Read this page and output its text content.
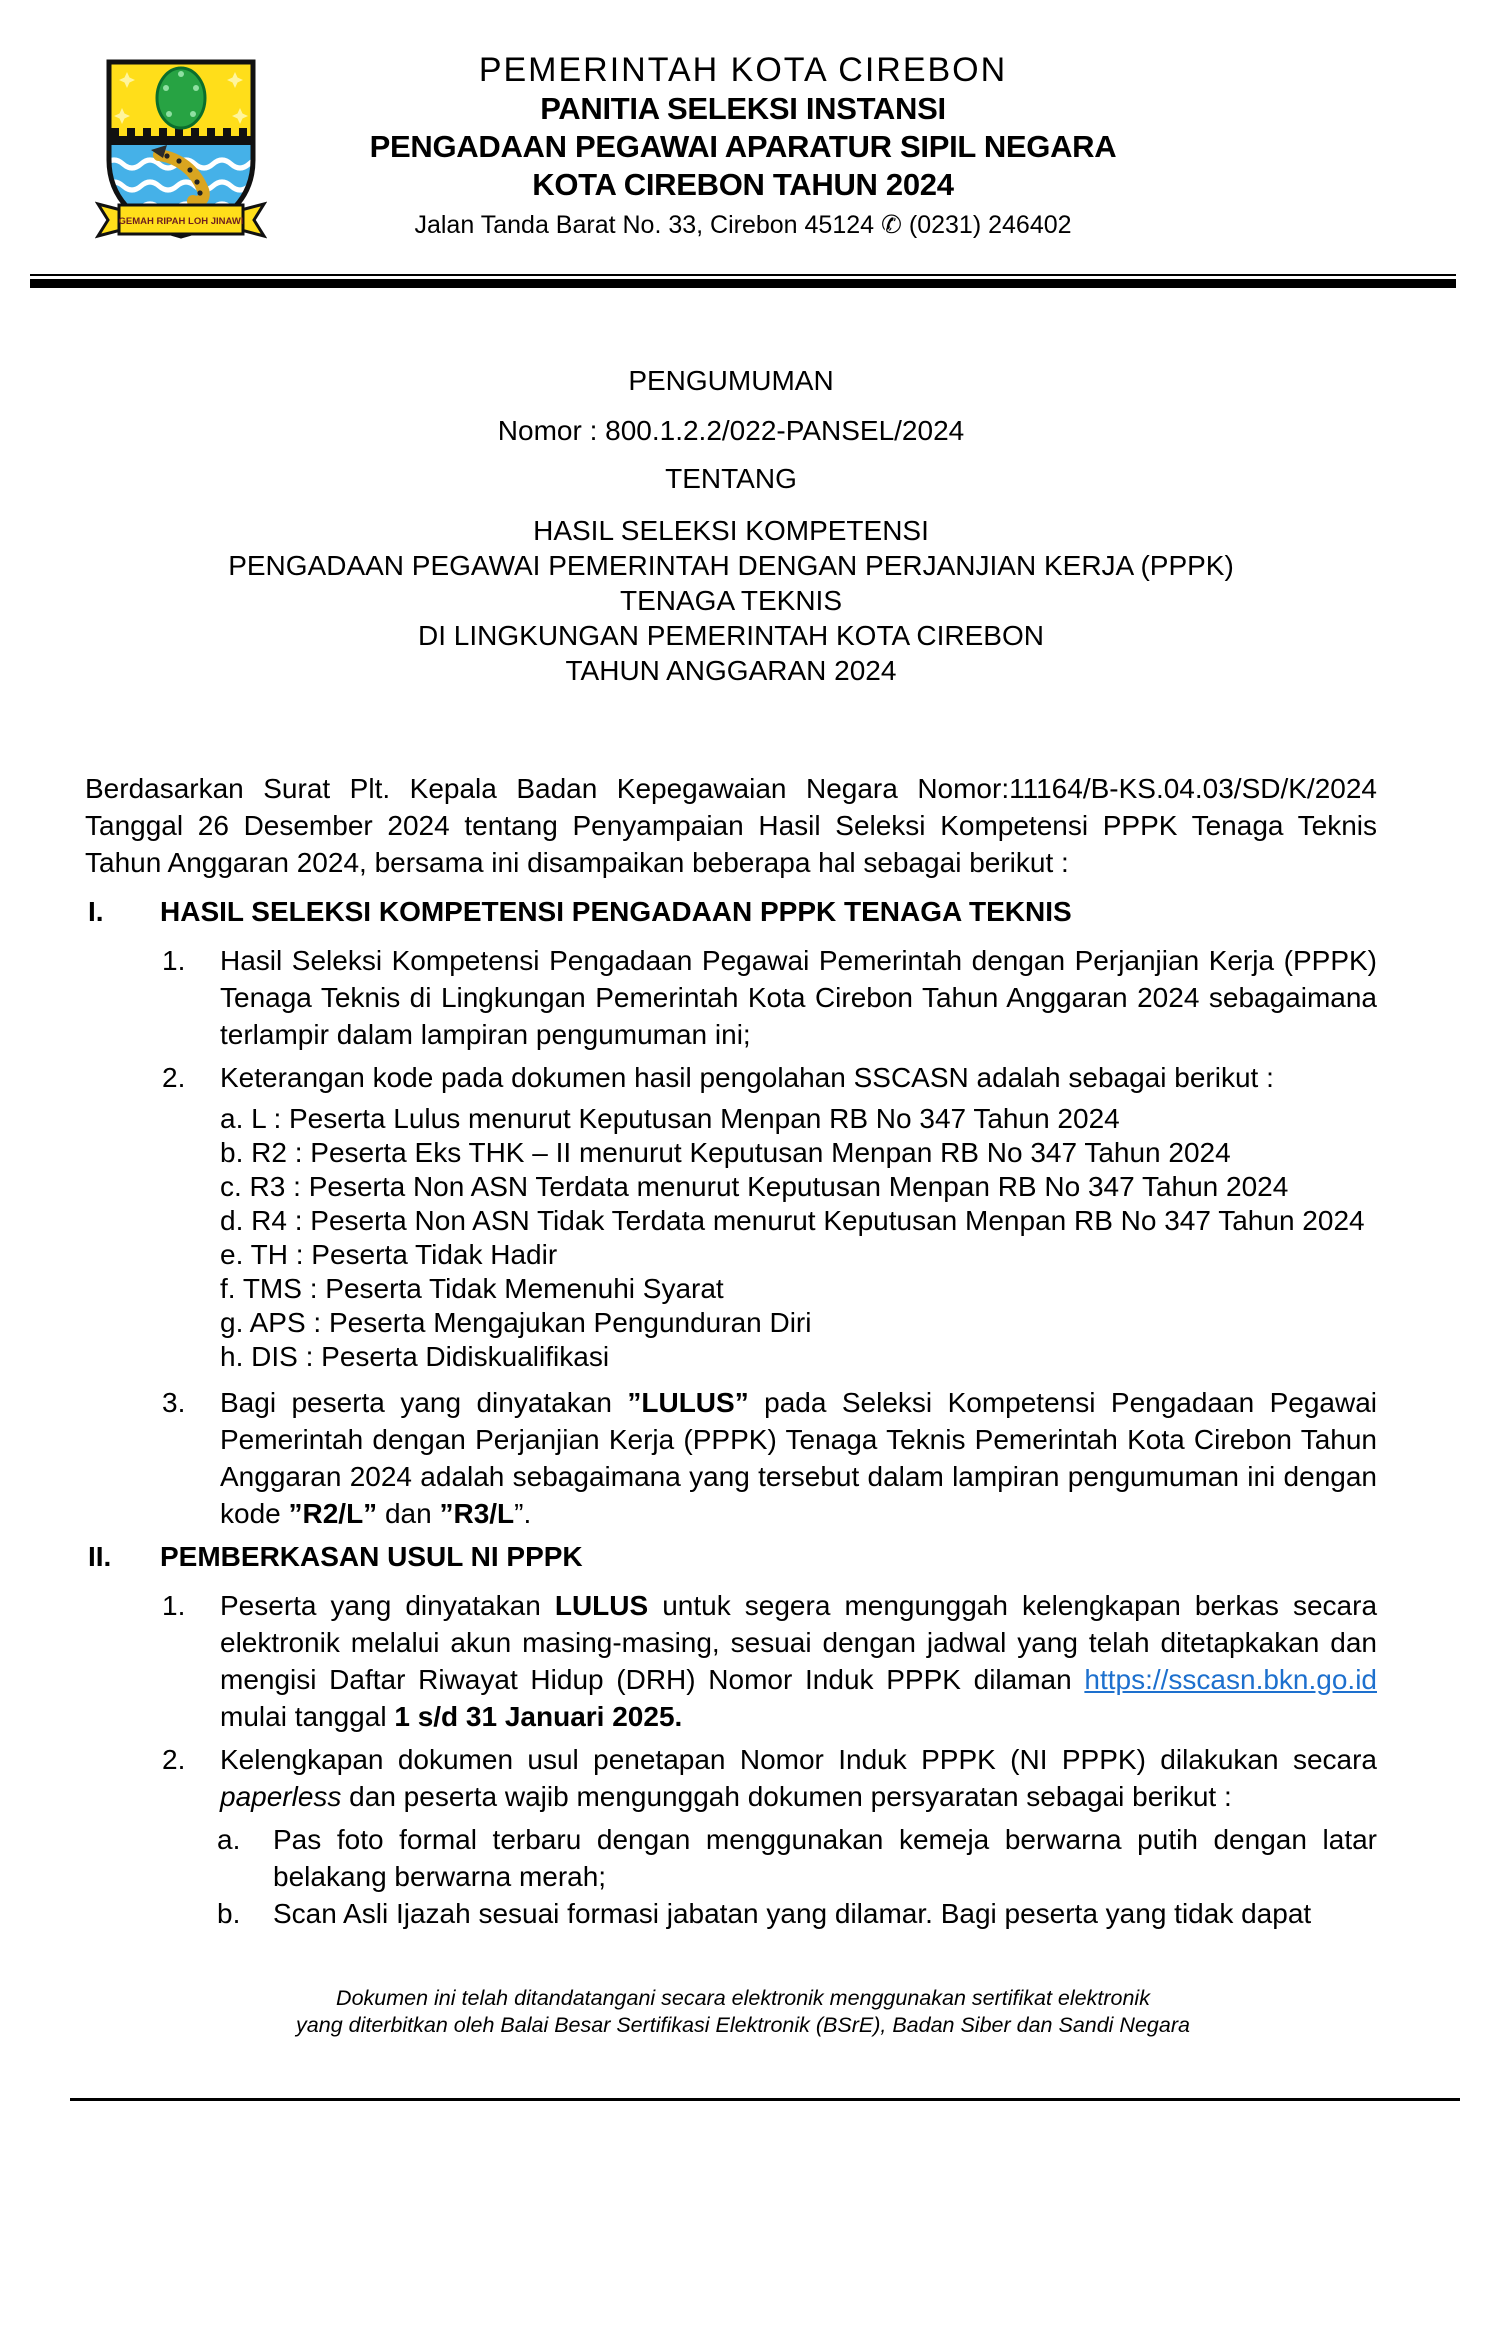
GEMAH RIPAH LOH JINAWI
PEMERINTAH KOTA CIREBON
PANITIA SELEKSI INSTANSI
PENGADAAN PEGAWAI APARATUR SIPIL NEGARA
KOTA CIREBON TAHUN 2024
Jalan Tanda Barat No. 33, Cirebon 45124 ✆ (0231) 246402
PENGUMUMAN
Nomor : 800.1.2.2/022-PANSEL/2024
TENTANG
HASIL SELEKSI KOMPETENSI
PENGADAAN PEGAWAI PEMERINTAH DENGAN PERJANJIAN KERJA (PPPK)
TENAGA TEKNIS
DI LINGKUNGAN PEMERINTAH KOTA CIREBON
TAHUN ANGGARAN 2024

Berdasarkan Surat Plt. Kepala Badan Kepegawaian Negara Nomor:11164/B-KS.04.03/SD/K/2024 Tanggal 26 Desember 2024 tentang Penyampaian Hasil Seleksi Kompetensi PPPK Tenaga Teknis Tahun Anggaran 2024, bersama ini disampaikan beberapa hal sebagai berikut :

I.	HASIL SELEKSI KOMPETENSI PENGADAAN PPPK TENAGA TEKNIS
1.	Hasil Seleksi Kompetensi Pengadaan Pegawai Pemerintah dengan Perjanjian Kerja (PPPK) Tenaga Teknis di Lingkungan Pemerintah Kota Cirebon Tahun Anggaran 2024 sebagaimana terlampir dalam lampiran pengumuman ini;
2.	Keterangan kode pada dokumen hasil pengolahan SSCASN adalah sebagai berikut :
a. L : Peserta Lulus menurut Keputusan Menpan RB No 347 Tahun 2024
b. R2 : Peserta Eks THK – II menurut Keputusan Menpan RB No 347 Tahun 2024
c. R3 : Peserta Non ASN Terdata menurut Keputusan Menpan RB No 347 Tahun 2024
d. R4 : Peserta Non ASN Tidak Terdata menurut Keputusan Menpan RB No 347 Tahun 2024
e. TH : Peserta Tidak Hadir
f. TMS : Peserta Tidak Memenuhi Syarat
g. APS : Peserta Mengajukan Pengunduran Diri
h. DIS : Peserta Didiskualifikasi
3.	Bagi peserta yang dinyatakan ”LULUS” pada Seleksi Kompetensi Pengadaan Pegawai Pemerintah dengan Perjanjian Kerja (PPPK) Tenaga Teknis Pemerintah Kota Cirebon Tahun Anggaran 2024 adalah sebagaimana yang tersebut dalam lampiran pengumuman ini dengan kode ”R2/L” dan ”R3/L”.
II.	PEMBERKASAN USUL NI PPPK
1.	Peserta yang dinyatakan LULUS untuk segera mengunggah kelengkapan berkas secara elektronik melalui akun masing-masing, sesuai dengan jadwal yang telah ditetapkakan dan mengisi Daftar Riwayat Hidup (DRH) Nomor Induk PPPK dilaman https://sscasn.bkn.go.id mulai tanggal 1 s/d 31 Januari 2025.
2.	Kelengkapan dokumen usul penetapan Nomor Induk PPPK (NI PPPK) dilakukan secara paperless dan peserta wajib mengunggah dokumen persyaratan sebagai berikut :
a.	Pas foto formal terbaru dengan menggunakan kemeja berwarna putih dengan latar belakang berwarna merah;
b.	Scan Asli Ijazah sesuai formasi jabatan yang dilamar. Bagi peserta yang tidak dapat
Dokumen ini telah ditandatangani secara elektronik menggunakan sertifikat elektronik
yang diterbitkan oleh Balai Besar Sertifikasi Elektronik (BSrE), Badan Siber dan Sandi Negara
